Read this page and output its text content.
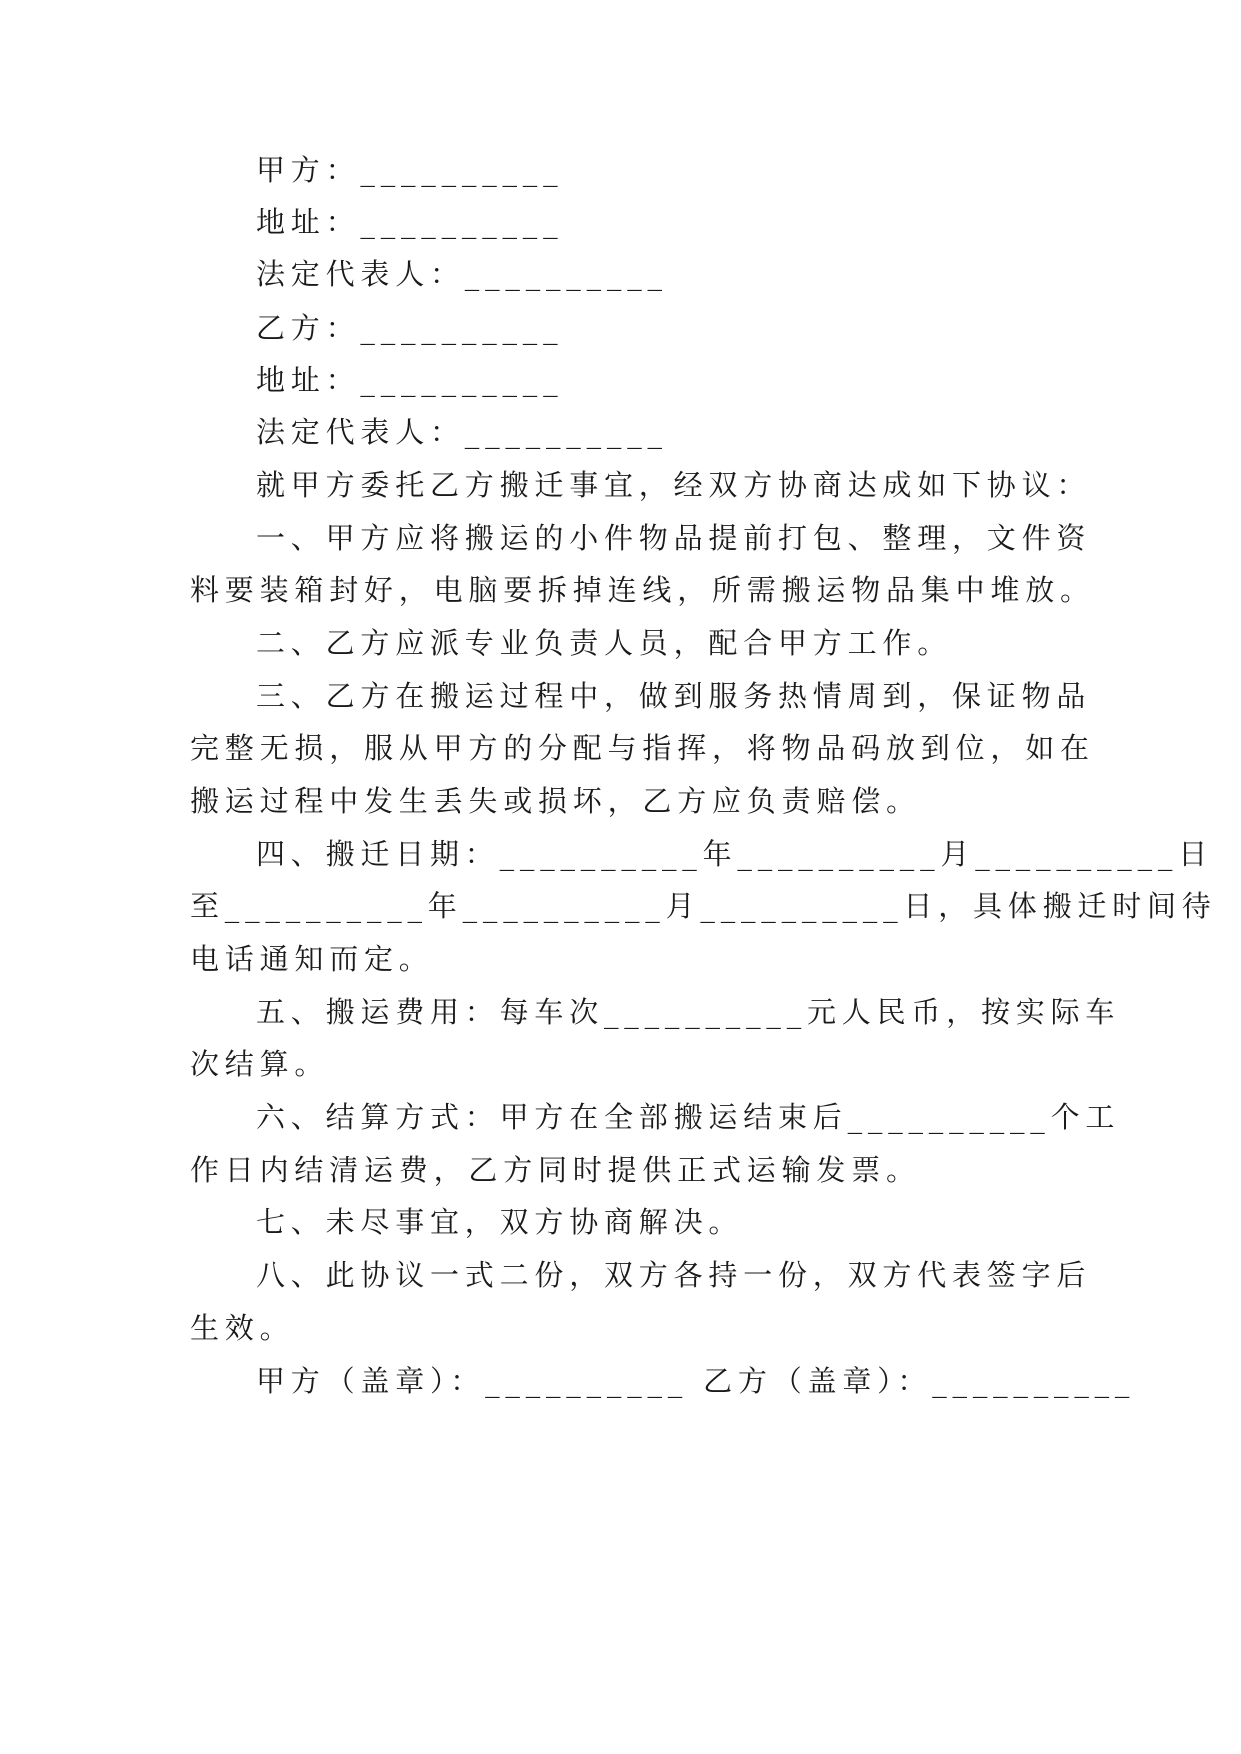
甲方：__________
地址：__________
法定代表人：__________
乙方：__________
地址：__________
法定代表人：__________
就甲方委托乙方搬迁事宜，经双方协商达成如下协议：
一、甲方应将搬运的小件物品提前打包、整理，文件资
料要装箱封好，电脑要拆掉连线，所需搬运物品集中堆放。
二、乙方应派专业负责人员，配合甲方工作。
三、乙方在搬运过程中，做到服务热情周到，保证物品
完整无损，服从甲方的分配与指挥，将物品码放到位，如在
搬运过程中发生丢失或损坏，乙方应负责赔偿。
四、搬迁日期：__________年__________月__________日
至__________年__________月__________日，具体搬迁时间待
电话通知而定。
五、搬运费用：每车次__________元人民币，按实际车
次结算。
六、结算方式：甲方在全部搬运结束后__________个工
作日内结清运费，乙方同时提供正式运输发票。
七、未尽事宜，双方协商解决。
八、此协议一式二份，双方各持一份，双方代表签字后
生效。
甲方（盖章）：__________ 乙方（盖章）：__________
